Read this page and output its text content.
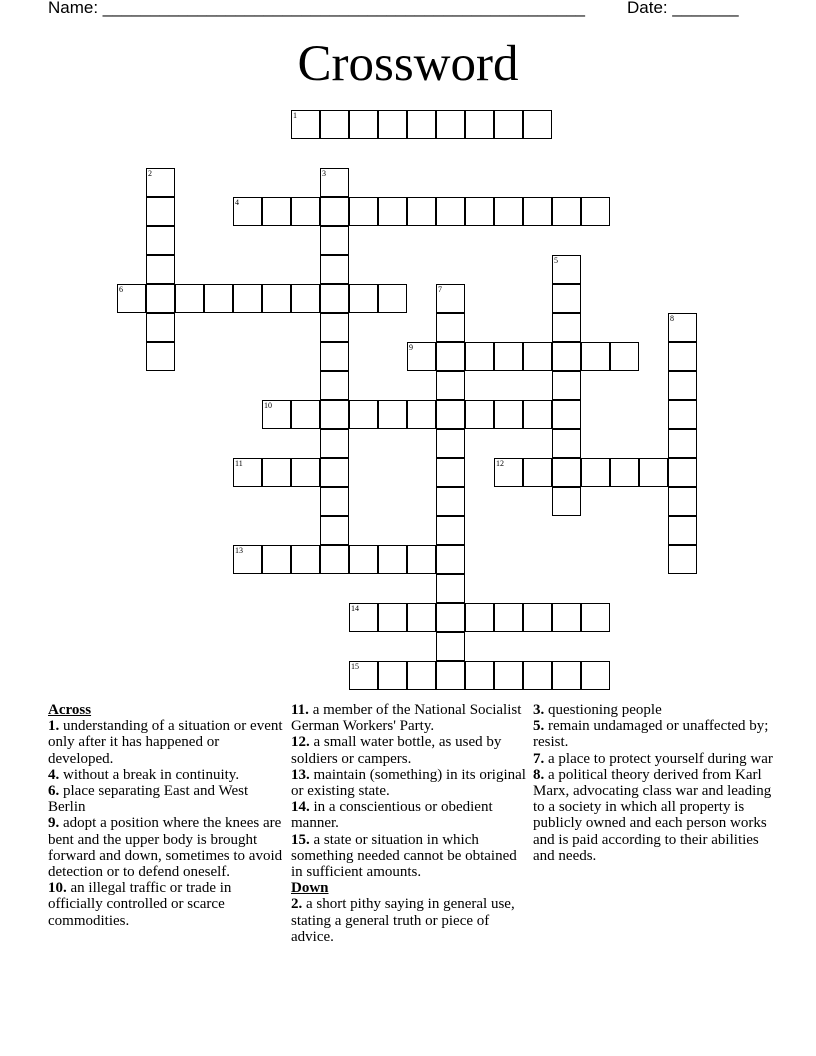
Name: ___________________________________________________ Date: _______
Crossword
1
2	3
4
5
6	7
8
9
10
11	12
13
14
15
Across
1. understanding of a situation or event only after it has happened or developed.
4. without a break in continuity.
6. place separating East and West Berlin
9. adopt a position where the knees are bent and the upper body is brought forward and down, sometimes to avoid detection or to defend oneself.
10. an illegal traffic or trade in officially controlled or scarce commodities.
11. a member of the National Socialist German Workers' Party.
12. a small water bottle, as used by soldiers or campers.
13. maintain (something) in its original or existing state.
14. in a conscientious or obedient manner.
15. a state or situation in which something needed cannot be obtained in sufficient amounts.
Down
2. a short pithy saying in general use, stating a general truth or piece of advice.
3. questioning people
5. remain undamaged or unaffected by; resist.
7. a place to protect yourself during war
8. a political theory derived from Karl Marx, advocating class war and leading to a society in which all property is publicly owned and each person works and is paid according to their abilities and needs.
